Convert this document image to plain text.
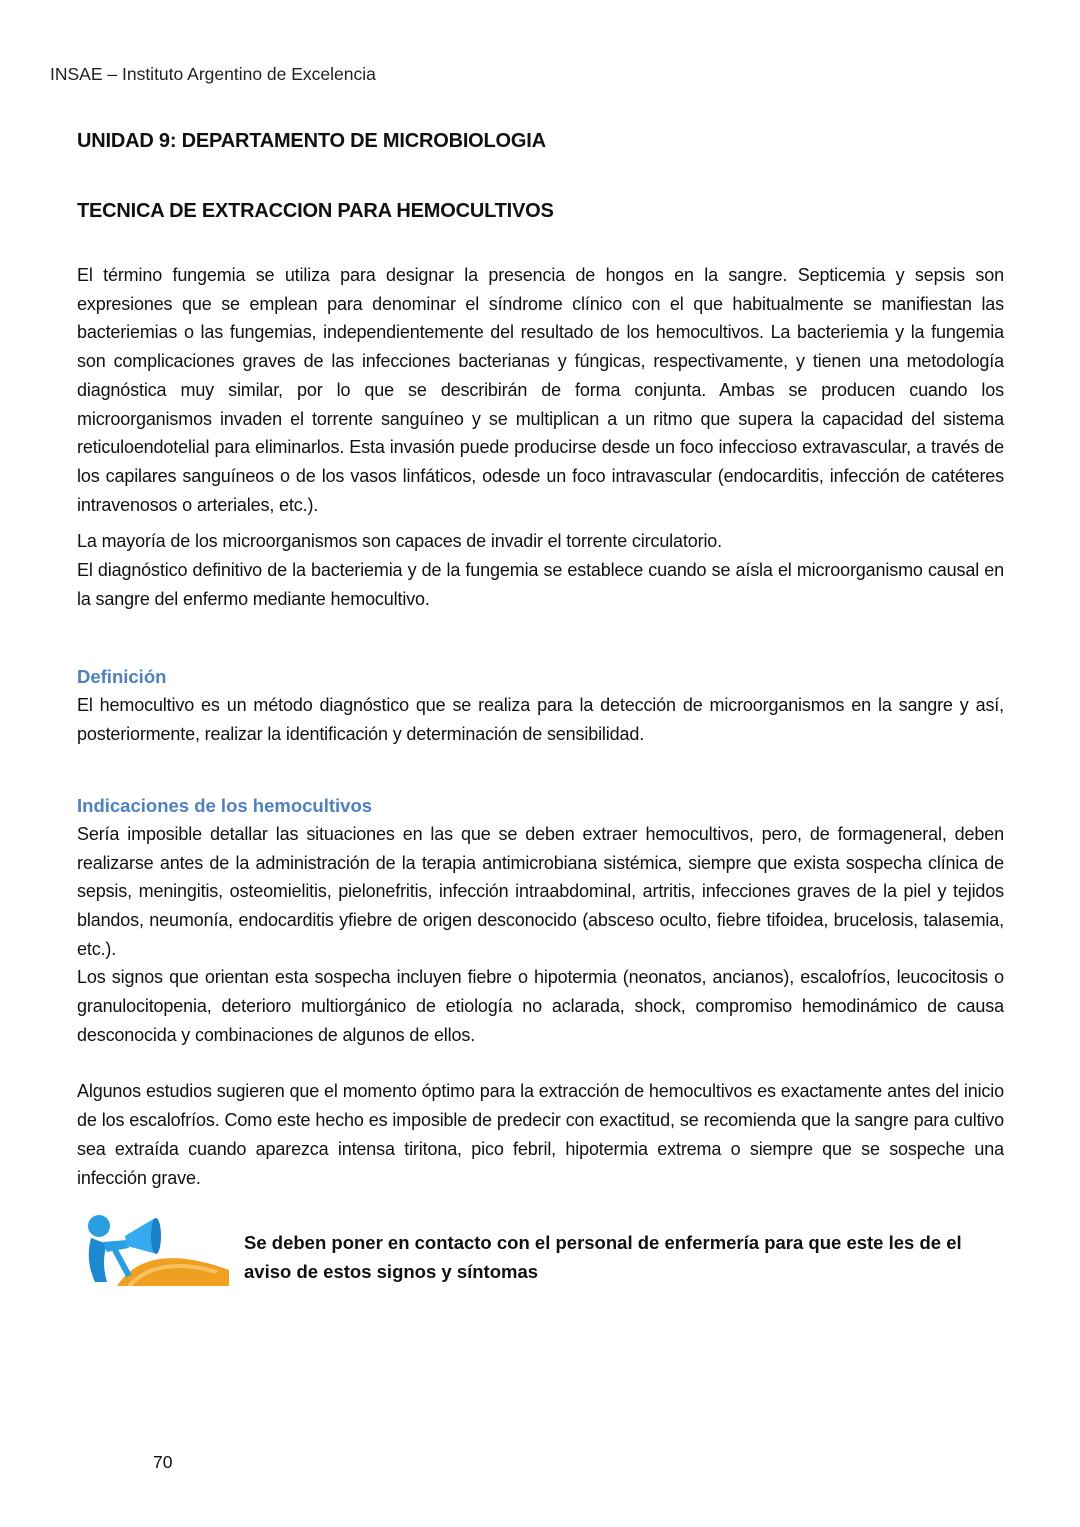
INSAE – Instituto Argentino de Excelencia
UNIDAD 9: DEPARTAMENTO DE MICROBIOLOGIA
TECNICA DE EXTRACCION PARA HEMOCULTIVOS

El término fungemia se utiliza para designar la presencia de hongos en la sangre. Septicemia y sepsis son expresiones que se emplean para denominar el síndrome clínico con el que habitualmente se manifiestan las bacteriemias o las fungemias, independientemente del resultado de los hemocultivos. La bacteriemia y la fungemia son complicaciones graves de las infecciones bacterianas y fúngicas, respectivamente, y tienen una metodología diagnóstica muy similar, por lo que se describirán de forma conjunta. Ambas se producen cuando los microorganismos invaden el torrente sanguíneo y se multiplican a un ritmo que supera la capacidad del sistema reticuloendotelial para eliminarlos. Esta invasión puede producirse desde un foco infeccioso extravascular, a través de los capilares sanguíneos o de los vasos linfáticos, odesde un foco intravascular (endocarditis, infección de catéteres intravenosos o arteriales, etc.).

La mayoría de los microorganismos son capaces de invadir el torrente circulatorio.

El diagnóstico definitivo de la bacteriemia y de la fungemia se establece cuando se aísla el microorganismo causal en la sangre del enfermo mediante hemocultivo.

Definición

El hemocultivo es un método diagnóstico que se realiza para la detección de microorganismos en la sangre y así, posteriormente, realizar la identificación y determinación de sensibilidad.

Indicaciones de los hemocultivos

Sería imposible detallar las situaciones en las que se deben extraer hemocultivos, pero, de formageneral, deben realizarse antes de la administración de la terapia antimicrobiana sistémica, siempre que exista sospecha clínica de sepsis, meningitis, osteomielitis, pielonefritis, infección intraabdominal, artritis, infecciones graves de la piel y tejidos blandos, neumonía, endocarditis yfiebre de origen desconocido (absceso oculto, fiebre tifoidea, brucelosis, talasemia, etc.).

Los signos que orientan esta sospecha incluyen fiebre o hipotermia (neonatos, ancianos), escalofríos, leucocitosis o granulocitopenia, deterioro multiorgánico de etiología no aclarada, shock, compromiso hemodinámico de causa desconocida y combinaciones de algunos de ellos.

Algunos estudios sugieren que el momento óptimo para la extracción de hemocultivos es exactamente antes del inicio de los escalofríos. Como este hecho es imposible de predecir con exactitud, se recomienda que la sangre para cultivo sea extraída cuando aparezca intensa tiritona, pico febril, hipotermia extrema o siempre que se sospeche una infección grave.

Se deben poner en contacto con el personal de enfermería para que este les de el aviso de estos signos y síntomas
70
